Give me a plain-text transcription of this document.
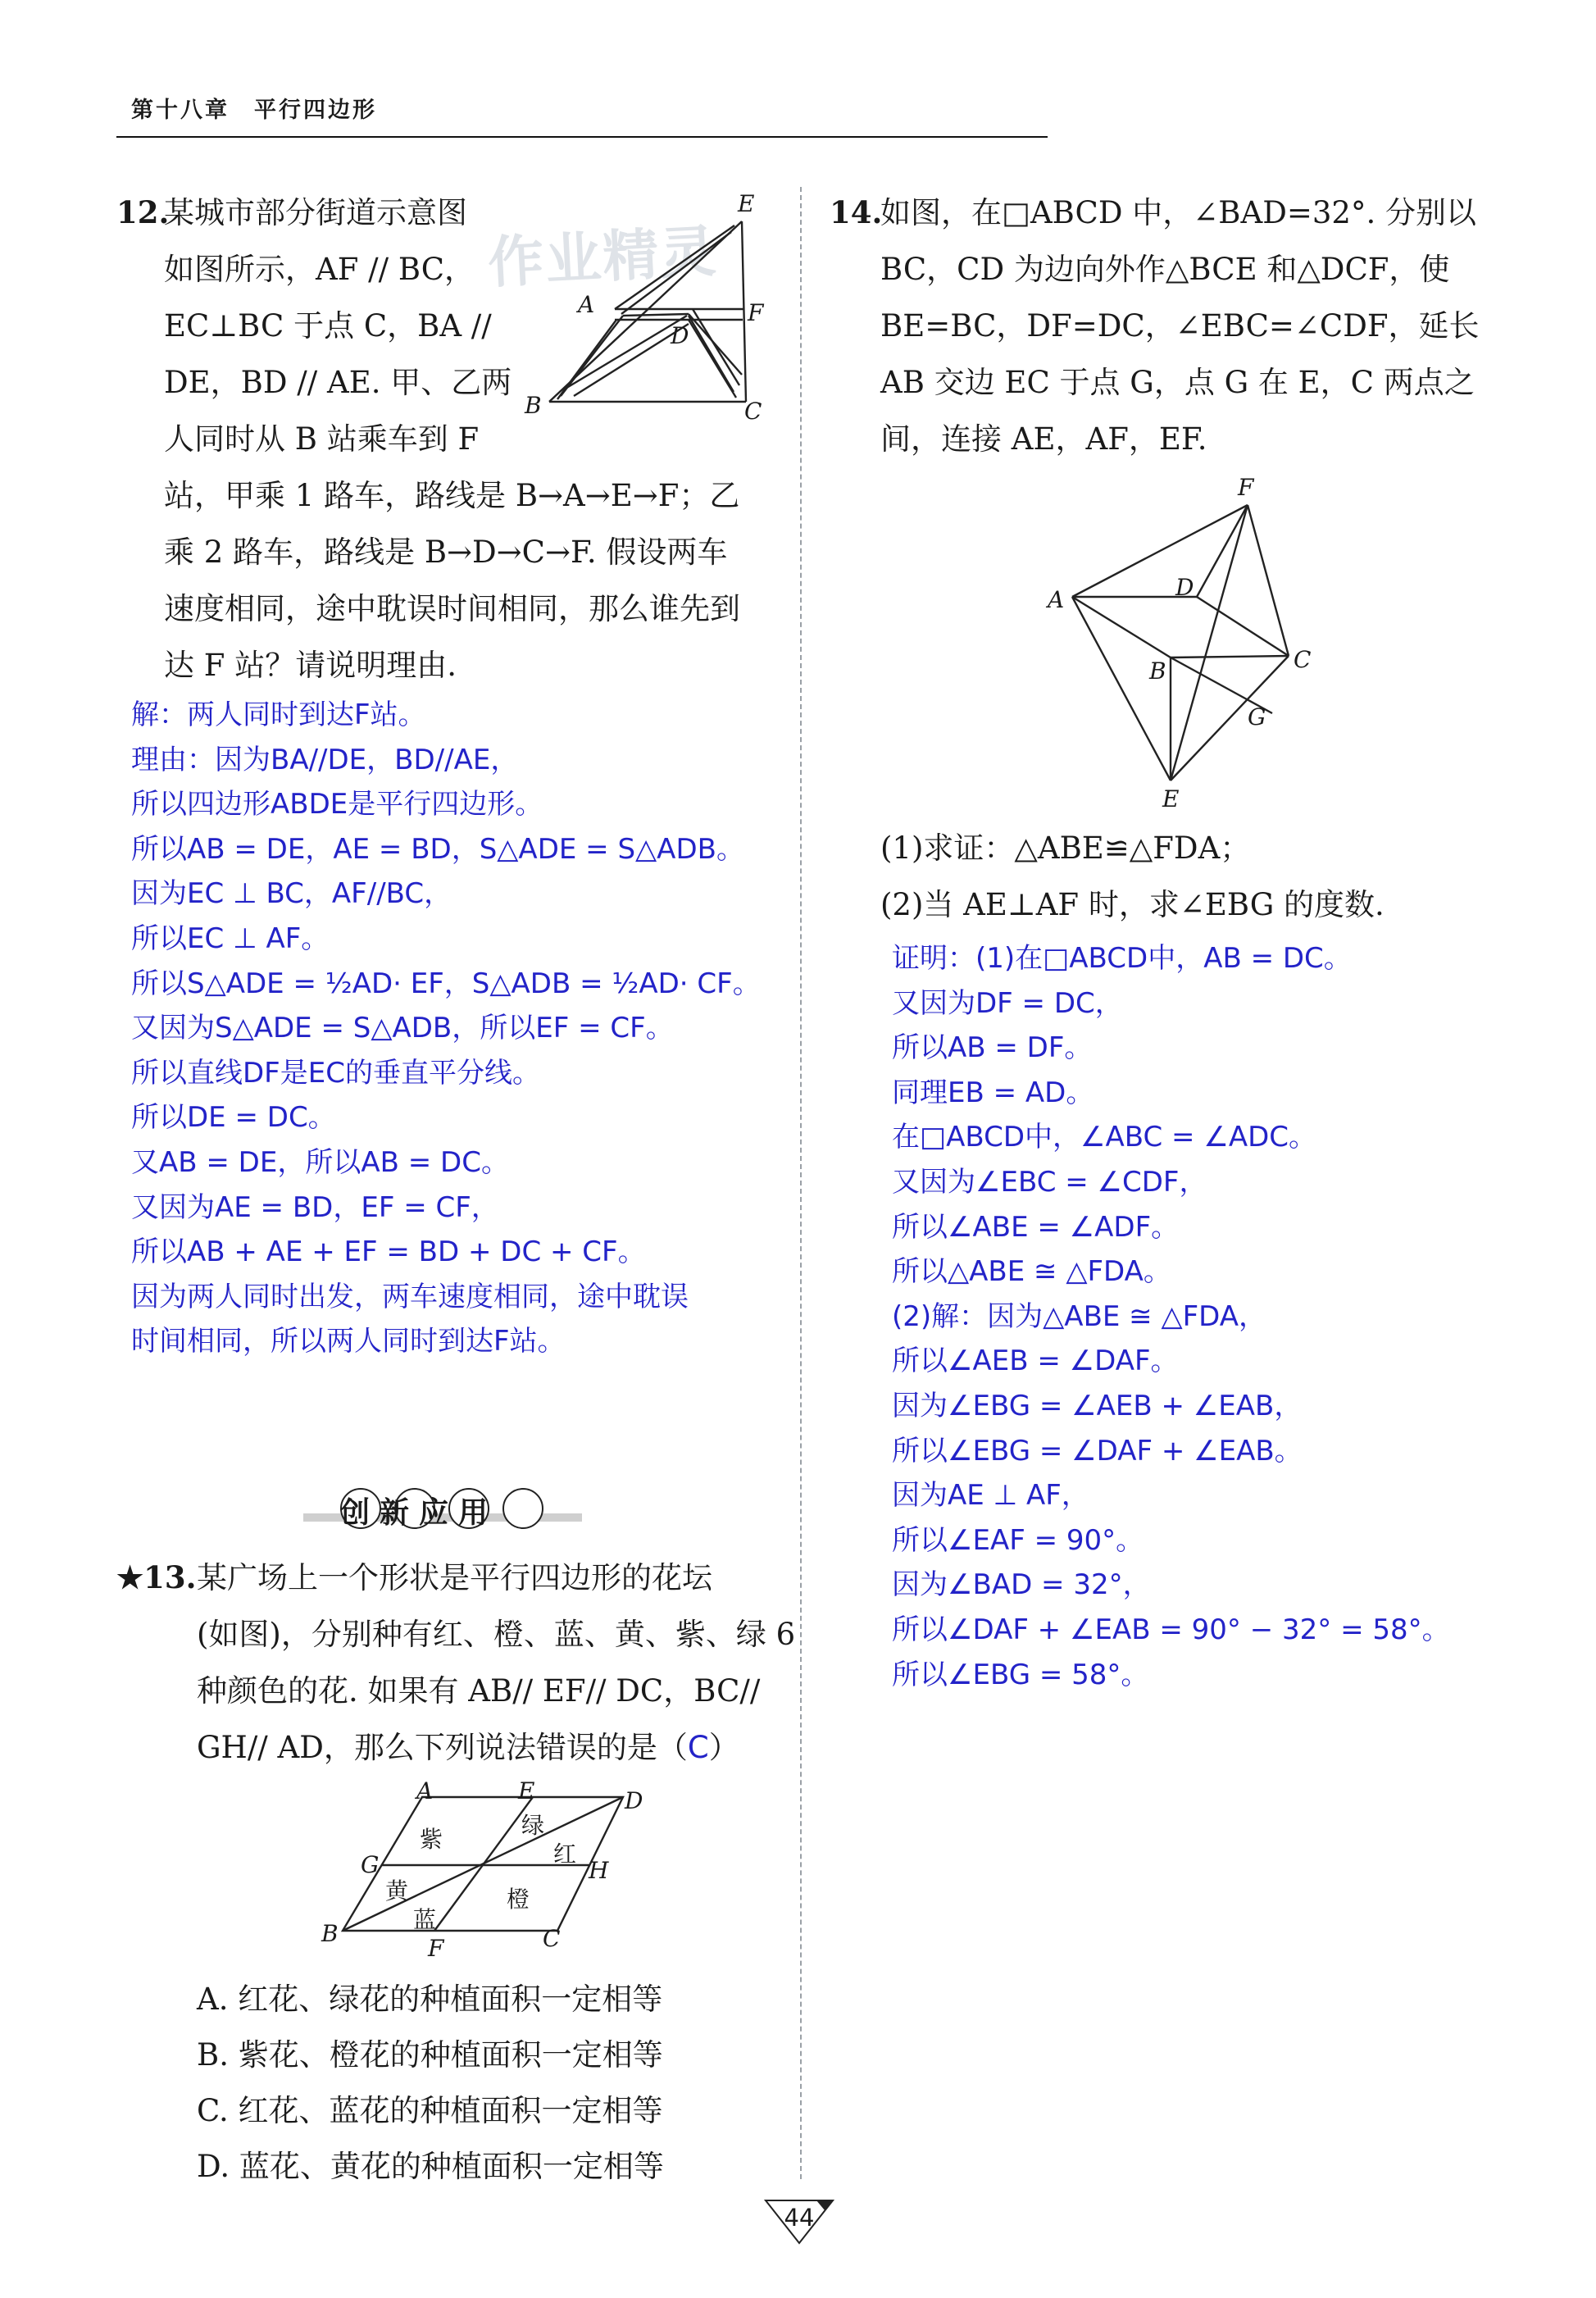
第十八章　 平行四边形
作业精灵
12.
某城市部分街道示意图
如图所示，AF // BC，
EC⊥BC 于点 C，BA //
DE，BD // AE. 甲、乙两
人同时从 B 站乘车到 F
站，甲乘 1 路车，路线是 B→A→E→F；乙
乘 2 路车，路线是 B→D→C→F. 假设两车
速度相同，途中耽误时间相同，那么谁先到
达 F 站？请说明理由.
E
A	F
D
B	C
解：两人同时到达F站。
理由：因为BA//DE，BD//AE，
所以四边形ABDE是平行四边形。
所以AB = DE，AE = BD，S△ADE = S△ADB。
因为EC ⊥ BC，AF//BC，
所以EC ⊥ AF。
所以S△ADE = ½AD· EF，S△ADB = ½AD· CF。
又因为S△ADE = S△ADB，所以EF = CF。
所以直线DF是EC的垂直平分线。
所以DE = DC。
又AB = DE，所以AB = DC。
又因为AE = BD，EF = CF，
所以AB + AE + EF = BD + DC + CF。
因为两人同时出发，两车速度相同，途中耽误
时间相同，所以两人同时到达F站。
创新应用
★13. 某广场上一个形状是平行四边形的花坛
(如图)，分别种有红、橙、蓝、黄、紫、绿 6
种颜色的花. 如果有 AB// EF// DC，BC//
GH// AD，那么下列说法错误的是（C）
A	E	D
G	H
B
F	C
紫
绿
红
黄	橙
蓝
A. 红花、绿花的种植面积一定相等
B. 紫花、橙花的种植面积一定相等
C. 红花、蓝花的种植面积一定相等
D. 蓝花、黄花的种植面积一定相等
14.
如图，在□ABCD 中，∠BAD=32°. 分别以
BC，CD 为边向外作△BCE 和△DCF，使
BE=BC，DF=DC，∠EBC=∠CDF，延长
AB 交边 EC 于点 G，点 G 在 E，C 两点之
间，连接 AE，AF，EF.
F
A	D
C
B
G
E
(1)求证：△ABE≌△FDA；
(2)当 AE⊥AF 时，求∠EBG 的度数.
证明：(1)在□ABCD中，AB = DC。
又因为DF = DC，
所以AB = DF。
同理EB = AD。
在□ABCD中，∠ABC = ∠ADC。
又因为∠EBC = ∠CDF，
所以∠ABE = ∠ADF。
所以△ABE ≅ △FDA。
(2)解：因为△ABE ≅ △FDA，
所以∠AEB = ∠DAF。
因为∠EBG = ∠AEB + ∠EAB，
所以∠EBG = ∠DAF + ∠EAB。
因为AE ⊥ AF，
所以∠EAF = 90°。
因为∠BAD = 32°，
所以∠DAF + ∠EAB = 90° − 32° = 58°。
所以∠EBG = 58°。
44
